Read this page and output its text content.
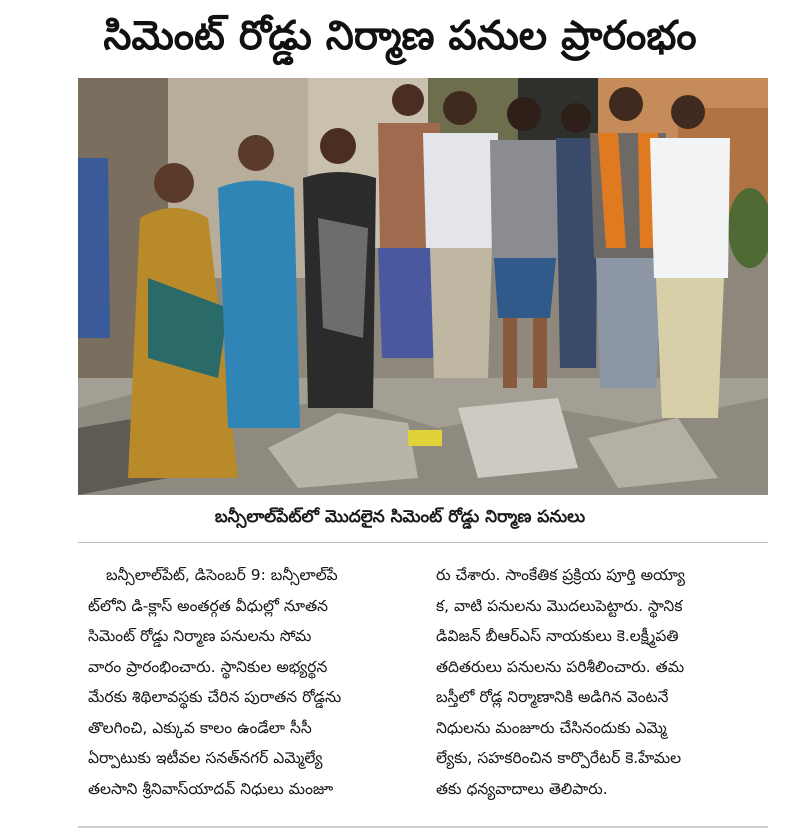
సిమెంట్ రోడ్డు నిర్మాణ పనుల ప్రారంభం
బన్సీలాల్‌పేట్‌లో మొదలైన సిమెంట్ రోడ్డు నిర్మాణ పనులు
బన్సీలాల్‌పేట్, డిసెంబర్ 9: బన్సీలాల్‌పే
ట్‌లోని డి-క్లాస్ అంతర్గత వీధుల్లో నూతన
సిమెంట్ రోడ్డు నిర్మాణ పనులను సోమ
వారం ప్రారంభించారు. స్థానికుల అభ్యర్థన
మేరకు శిథిలావస్థకు చేరిన పురాతన రోడ్డను
తొలగించి, ఎక్కువ కాలం ఉండేలా సీసీ
ఏర్పాటుకు ఇటీవల సనత్‌నగర్ ఎమ్మెల్యే
తలసాని శ్రీనివాస్‌యాదవ్ నిధులు మంజూ
రు చేశారు. సాంకేతిక ప్రక్రియ పూర్తి అయ్యా
క, వాటి పనులను మొదలుపెట్టారు. స్థానిక
డివిజన్ బీఆర్ఎస్ నాయకులు కె.లక్ష్మీపతి
తదితరులు పనులను పరిశీలించారు. తమ
బస్తీలో రోడ్ల నిర్మాణానికి అడిగిన వెంటనే
నిధులను మంజూరు చేసినందుకు ఎమ్మె
ల్యేకు, సహకరించిన కార్పొరేటర్ కె.హేమల
తకు ధన్యవాదాలు తెలిపారు.
